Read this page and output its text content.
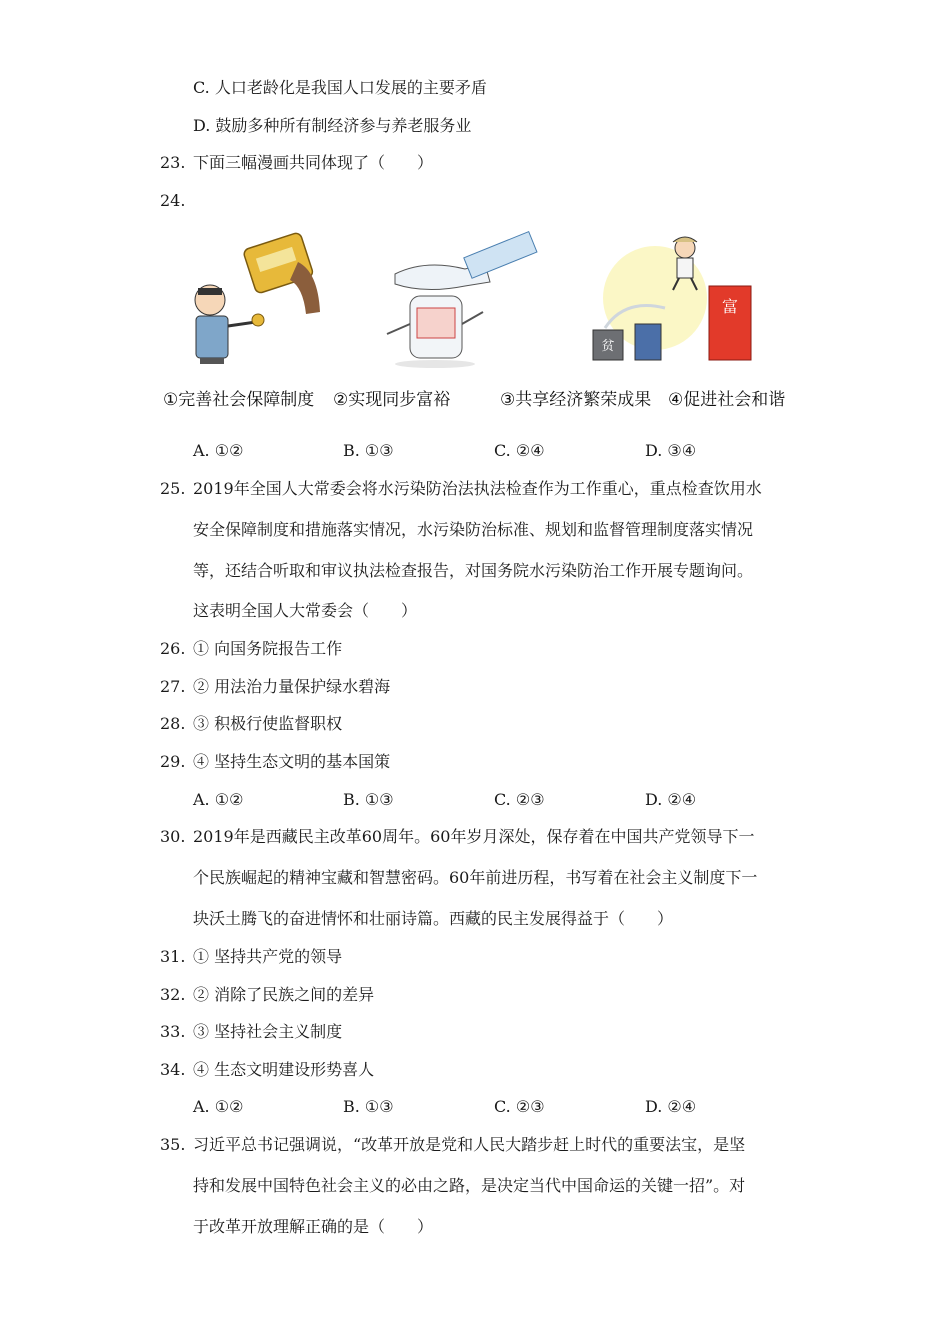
C. 人口老龄化是我国人口发展的主要矛盾
D. 鼓励多种所有制经济参与养老服务业
23. 下面三幅漫画共同体现了（　　）
24.
富
贫
①完善社会保障制度 ②实现同步富裕	③共享经济繁荣成果 ④促进社会和谐
A. ①②	B. ①③	C. ②④	D. ③④
25. 2019年全国人大常委会将水污染防治法执法检查作为工作重心，重点检查饮用水
安全保障制度和措施落实情况，水污染防治标准、规划和监督管理制度落实情况
等，还结合听取和审议执法检查报告，对国务院水污染防治工作开展专题询问。
这表明全国人大常委会（　　）
26. ① 向国务院报告工作
27. ② 用法治力量保护绿水碧海
28. ③ 积极行使监督职权
29. ④ 坚持生态文明的基本国策
A. ①②	B. ①③	C. ②③	D. ②④
30. 2019年是西藏民主改革60周年。60年岁月深处，保存着在中国共产党领导下一
个民族崛起的精神宝藏和智慧密码。60年前进历程，书写着在社会主义制度下一
块沃土腾飞的奋进情怀和壮丽诗篇。西藏的民主发展得益于（　　）
31. ① 坚持共产党的领导
32. ② 消除了民族之间的差异
33. ③ 坚持社会主义制度
34. ④ 生态文明建设形势喜人
A. ①②	B. ①③	C. ②③	D. ②④
35. 习近平总书记强调说，“改革开放是党和人民大踏步赶上时代的重要法宝，是坚
持和发展中国特色社会主义的必由之路，是决定当代中国命运的关键一招”。对
于改革开放理解正确的是（　　）
